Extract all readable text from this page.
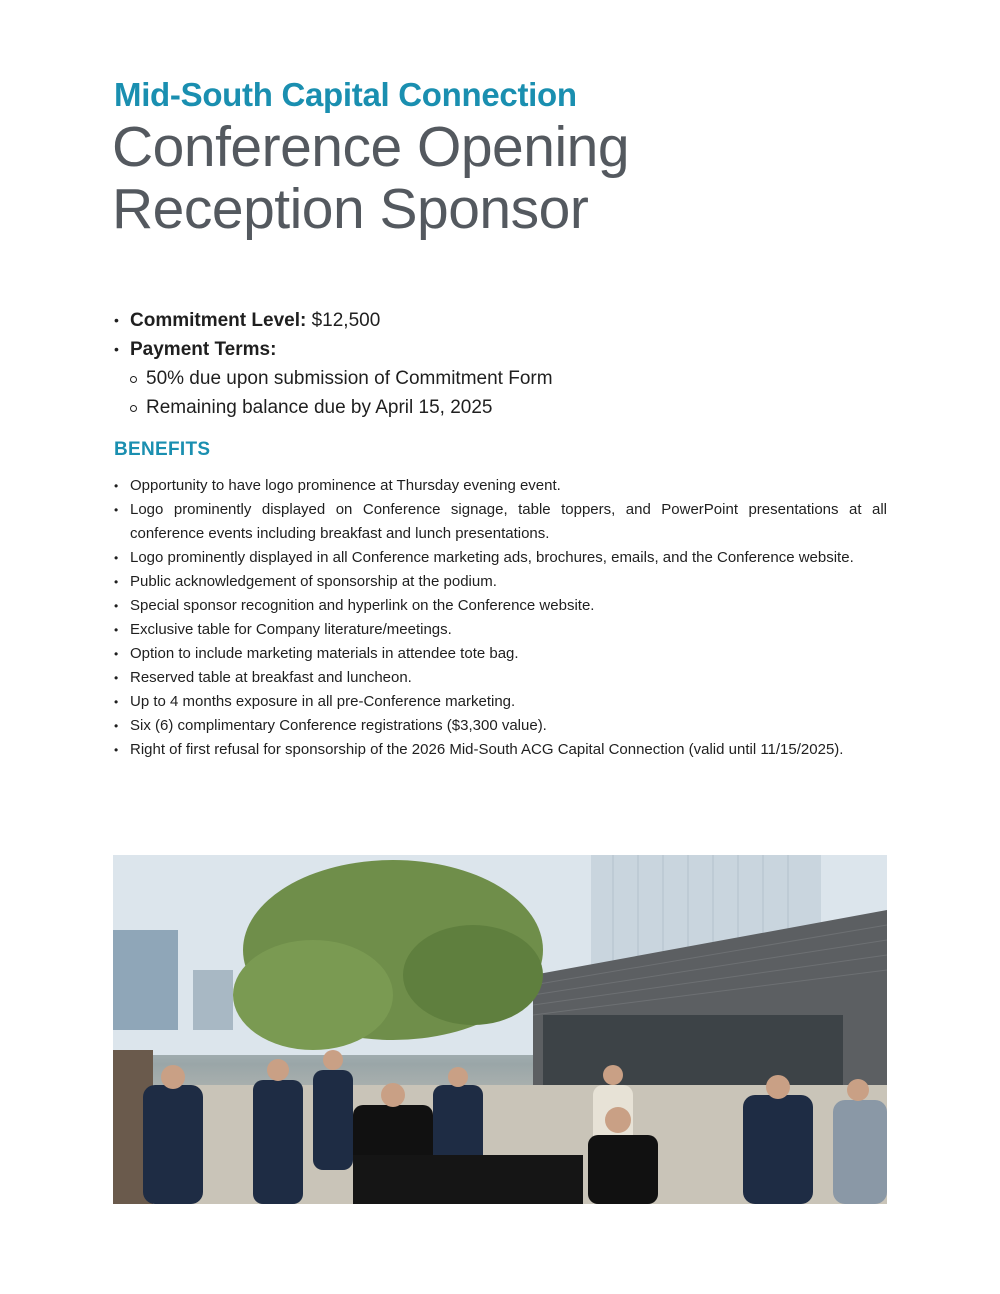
Mid-South Capital Connection
Conference Opening
Reception Sponsor
• Commitment Level: $12,500
• Payment Terms:
50% due upon submission of Commitment Form
Remaining balance due by April 15, 2025
BENEFITS
• Opportunity to have logo prominence at Thursday evening event.
• Logo prominently displayed on Conference signage, table toppers, and PowerPoint presentations at all conference events including breakfast and lunch presentations.
• Logo prominently displayed in all Conference marketing ads, brochures, emails, and the Conference website.
• Public acknowledgement of sponsorship at the podium.
• Special sponsor recognition and hyperlink on the Conference website.
• Exclusive table for Company literature/meetings.
• Option to include marketing materials in attendee tote bag.
• Reserved table at breakfast and luncheon.
• Up to 4 months exposure in all pre-Conference marketing.
• Six (6) complimentary Conference registrations ($3,300 value).
• Right of first refusal for sponsorship of the 2026 Mid-South ACG Capital Connection (valid until 11/15/2025).
